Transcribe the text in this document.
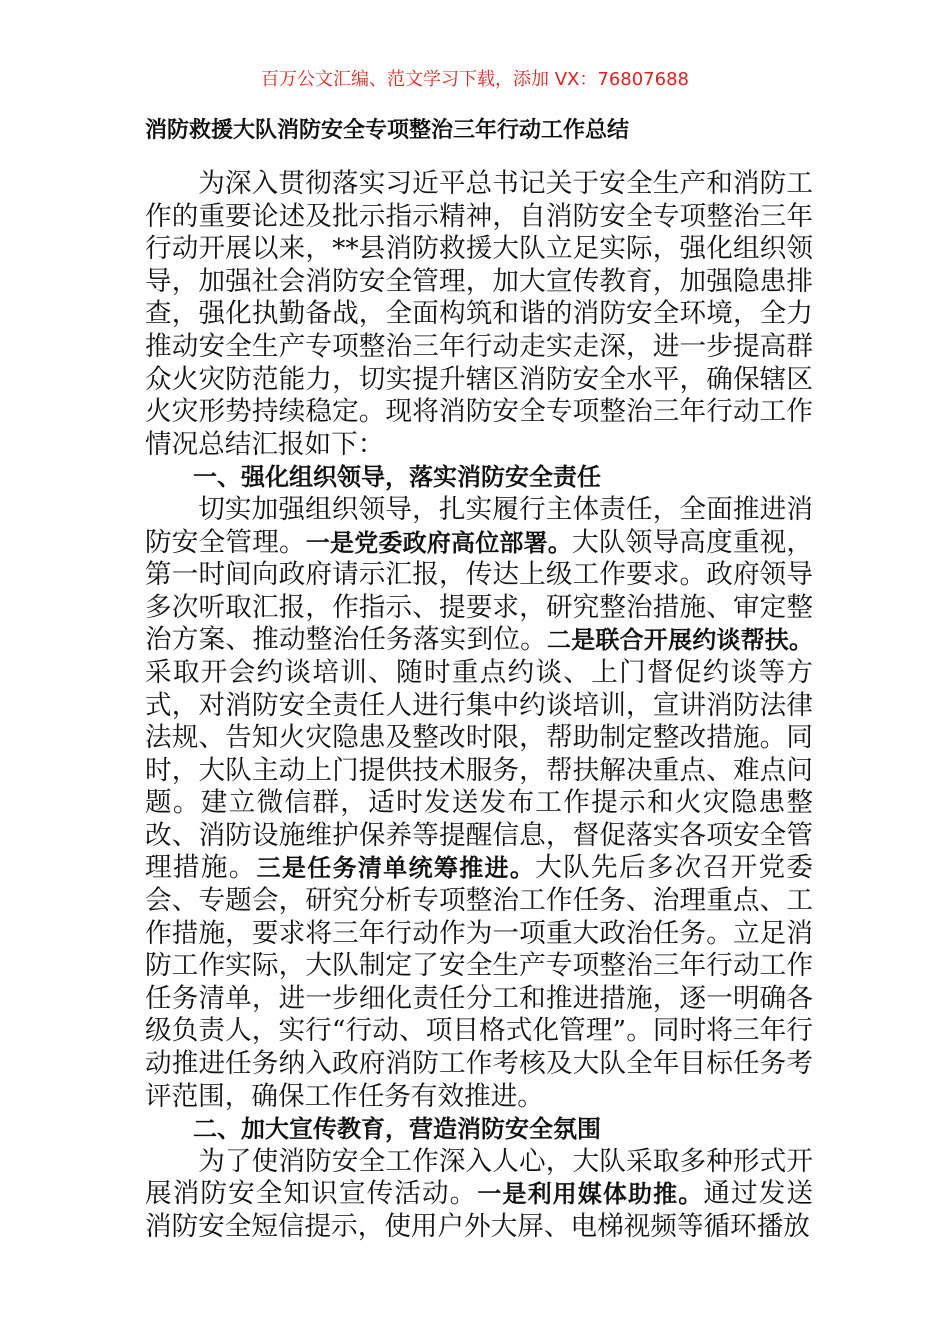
百万公文汇编、范文学习下载，添加 VX：76807688
消防救援大队消防安全专项整治三年行动工作总结

为深入贯彻落实习近平总书记关于安全生产和消防工作的重要论述及批示指示精神，自消防安全专项整治三年行动开展以来，**县消防救援大队立足实际，强化组织领导，加强社会消防安全管理，加大宣传教育，加强隐患排查，强化执勤备战，全面构筑和谐的消防安全环境，全力推动安全生产专项整治三年行动走实走深，进一步提高群众火灾防范能力，切实提升辖区消防安全水平，确保辖区火灾形势持续稳定。现将消防安全专项整治三年行动工作情况总结汇报如下：

一、强化组织领导，落实消防安全责任

切实加强组织领导，扎实履行主体责任，全面推进消防安全管理。一是党委政府高位部署。大队领导高度重视，第一时间向政府请示汇报，传达上级工作要求。政府领导多次听取汇报，作指示、提要求，研究整治措施、审定整治方案、推动整治任务落实到位。二是联合开展约谈帮扶。采取开会约谈培训、随时重点约谈、上门督促约谈等方式，对消防安全责任人进行集中约谈培训，宣讲消防法律法规、告知火灾隐患及整改时限，帮助制定整改措施。同时，大队主动上门提供技术服务，帮扶解决重点、难点问题。建立微信群，适时发送发布工作提示和火灾隐患整改、消防设施维护保养等提醒信息，督促落实各项安全管理措施。三是任务清单统筹推进。大队先后多次召开党委会、专题会，研究分析专项整治工作任务、治理重点、工作措施，要求将三年行动作为一项重大政治任务。立足消防工作实际，大队制定了安全生产专项整治三年行动工作任务清单，进一步细化责任分工和推进措施，逐一明确各级负责人，实行“行动、项目格式化管理”。同时将三年行动推进任务纳入政府消防工作考核及大队全年目标任务考评范围，确保工作任务有效推进。

二、加大宣传教育，营造消防安全氛围

为了使消防安全工作深入人心，大队采取多种形式开展消防安全知识宣传活动。一是利用媒体助推。通过发送消防安全短信提示，使用户外大屏、电梯视频等循环播放
